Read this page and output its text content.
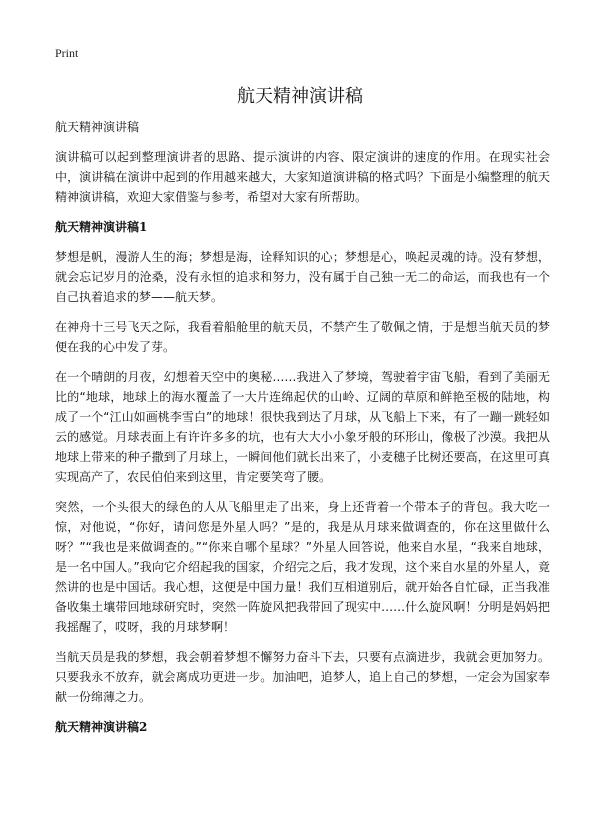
Print
航天精神演讲稿

航天精神演讲稿

演讲稿可以起到整理演讲者的思路、提示演讲的内容、限定演讲的速度的作用。在现实社会中，演讲稿在演讲中起到的作用越来越大，大家知道演讲稿的格式吗？下面是小编整理的航天精神演讲稿，欢迎大家借鉴与参考，希望对大家有所帮助。

航天精神演讲稿1

梦想是帆，漫游人生的海；梦想是海，诠释知识的心；梦想是心，唤起灵魂的诗。没有梦想，就会忘记岁月的沧桑，没有永恒的追求和努力，没有属于自己独一无二的命运，而我也有一个自己执着追求的梦——航天梦。

在神舟十三号飞天之际，我看着船舱里的航天员，不禁产生了敬佩之情，于是想当航天员的梦便在我的心中发了芽。

在一个晴朗的月夜，幻想着天空中的奥秘……我进入了梦境，驾驶着宇宙飞船，看到了美丽无比的“地球，地球上的海水覆盖了一大片连绵起伏的山岭、辽阔的草原和鲜艳至极的陆地，构成了一个“江山如画桃李雪白”的地球！很快我到达了月球，从飞船上下来，有了一蹦一跳轻如云的感觉。月球表面上有许许多多的坑，也有大大小小象牙般的环形山，像极了沙漠。我把从地球上带来的种子撒到了月球上，一瞬间他们就长出来了，小麦穗子比树还要高，在这里可真实现高产了，农民伯伯来到这里，肯定要笑弯了腰。

突然，一个头很大的绿色的人从飞船里走了出来，身上还背着一个带本子的背包。我大吃一惊，对他说，“你好，请问您是外星人吗？”是的，我是从月球来做调查的，你在这里做什么呀？”“我也是来做调查的。”“你来自哪个星球？”外星人回答说，他来自水星，“我来自地球，是一名中国人。”我向它介绍起我的国家，介绍完之后，我才发现，这个来自水星的外星人，竟然讲的也是中国话。我心想，这便是中国力量！我们互相道别后，就开始各自忙碌，正当我准备收集土壤带回地球研究时，突然一阵旋风把我带回了现实中……什么旋风啊！分明是妈妈把我摇醒了，哎呀，我的月球梦啊！

当航天员是我的梦想，我会朝着梦想不懈努力奋斗下去，只要有点滴进步，我就会更加努力。只要我永不放弃，就会离成功更进一步。加油吧，追梦人，追上自己的梦想，一定会为国家奉献一份绵薄之力。

航天精神演讲稿2
